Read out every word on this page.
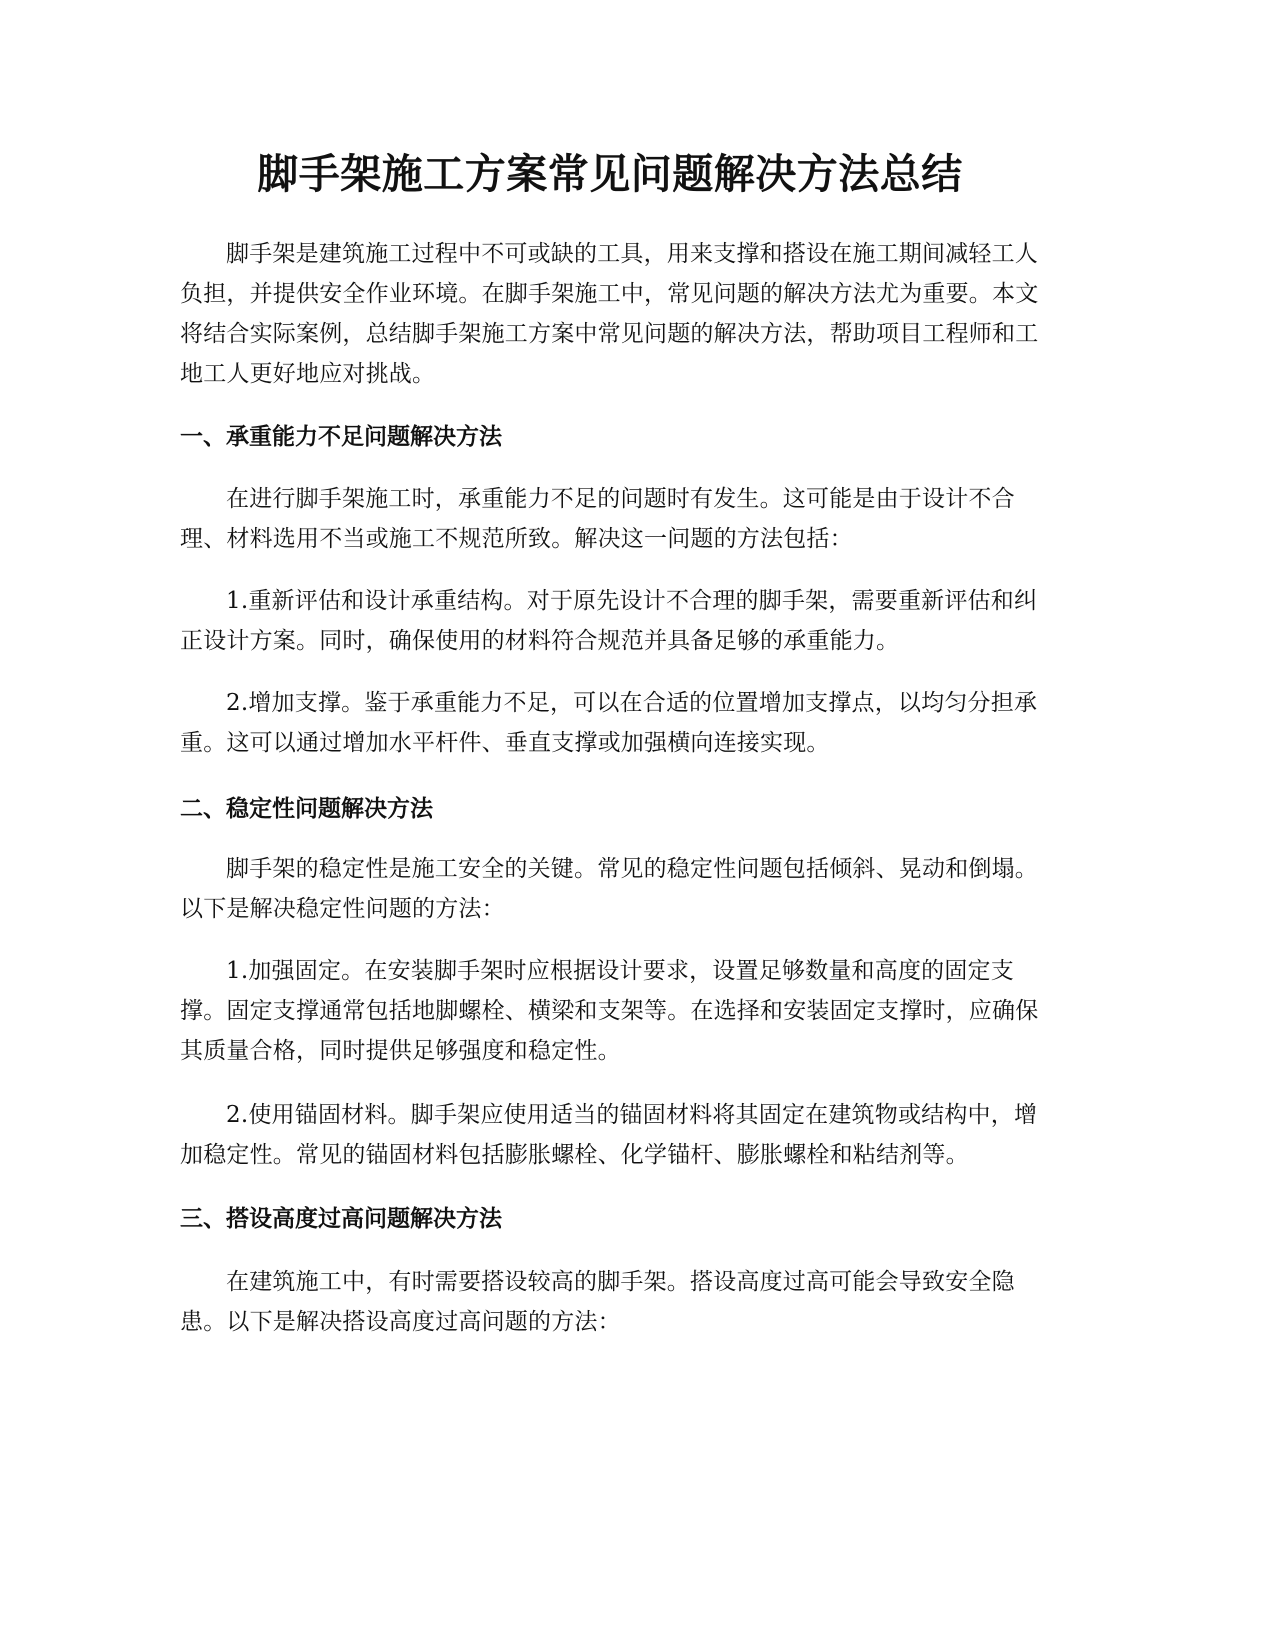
脚手架施工方案常见问题解决方法总结

脚手架是建筑施工过程中不可或缺的工具，用来支撑和搭设在施工期间减轻工人负担，并提供安全作业环境。在脚手架施工中，常见问题的解决方法尤为重要。本文将结合实际案例，总结脚手架施工方案中常见问题的解决方法，帮助项目工程师和工地工人更好地应对挑战。

一、承重能力不足问题解决方法

在进行脚手架施工时，承重能力不足的问题时有发生。这可能是由于设计不合理、材料选用不当或施工不规范所致。解决这一问题的方法包括：

1.重新评估和设计承重结构。对于原先设计不合理的脚手架，需要重新评估和纠正设计方案。同时，确保使用的材料符合规范并具备足够的承重能力。

2.增加支撑。鉴于承重能力不足，可以在合适的位置增加支撑点，以均匀分担承重。这可以通过增加水平杆件、垂直支撑或加强横向连接实现。

二、稳定性问题解决方法

脚手架的稳定性是施工安全的关键。常见的稳定性问题包括倾斜、晃动和倒塌。以下是解决稳定性问题的方法：

1.加强固定。在安装脚手架时应根据设计要求，设置足够数量和高度的固定支撑。固定支撑通常包括地脚螺栓、横梁和支架等。在选择和安装固定支撑时，应确保其质量合格，同时提供足够强度和稳定性。

2.使用锚固材料。脚手架应使用适当的锚固材料将其固定在建筑物或结构中，增加稳定性。常见的锚固材料包括膨胀螺栓、化学锚杆、膨胀螺栓和粘结剂等。

三、搭设高度过高问题解决方法

在建筑施工中，有时需要搭设较高的脚手架。搭设高度过高可能会导致安全隐患。以下是解决搭设高度过高问题的方法：
